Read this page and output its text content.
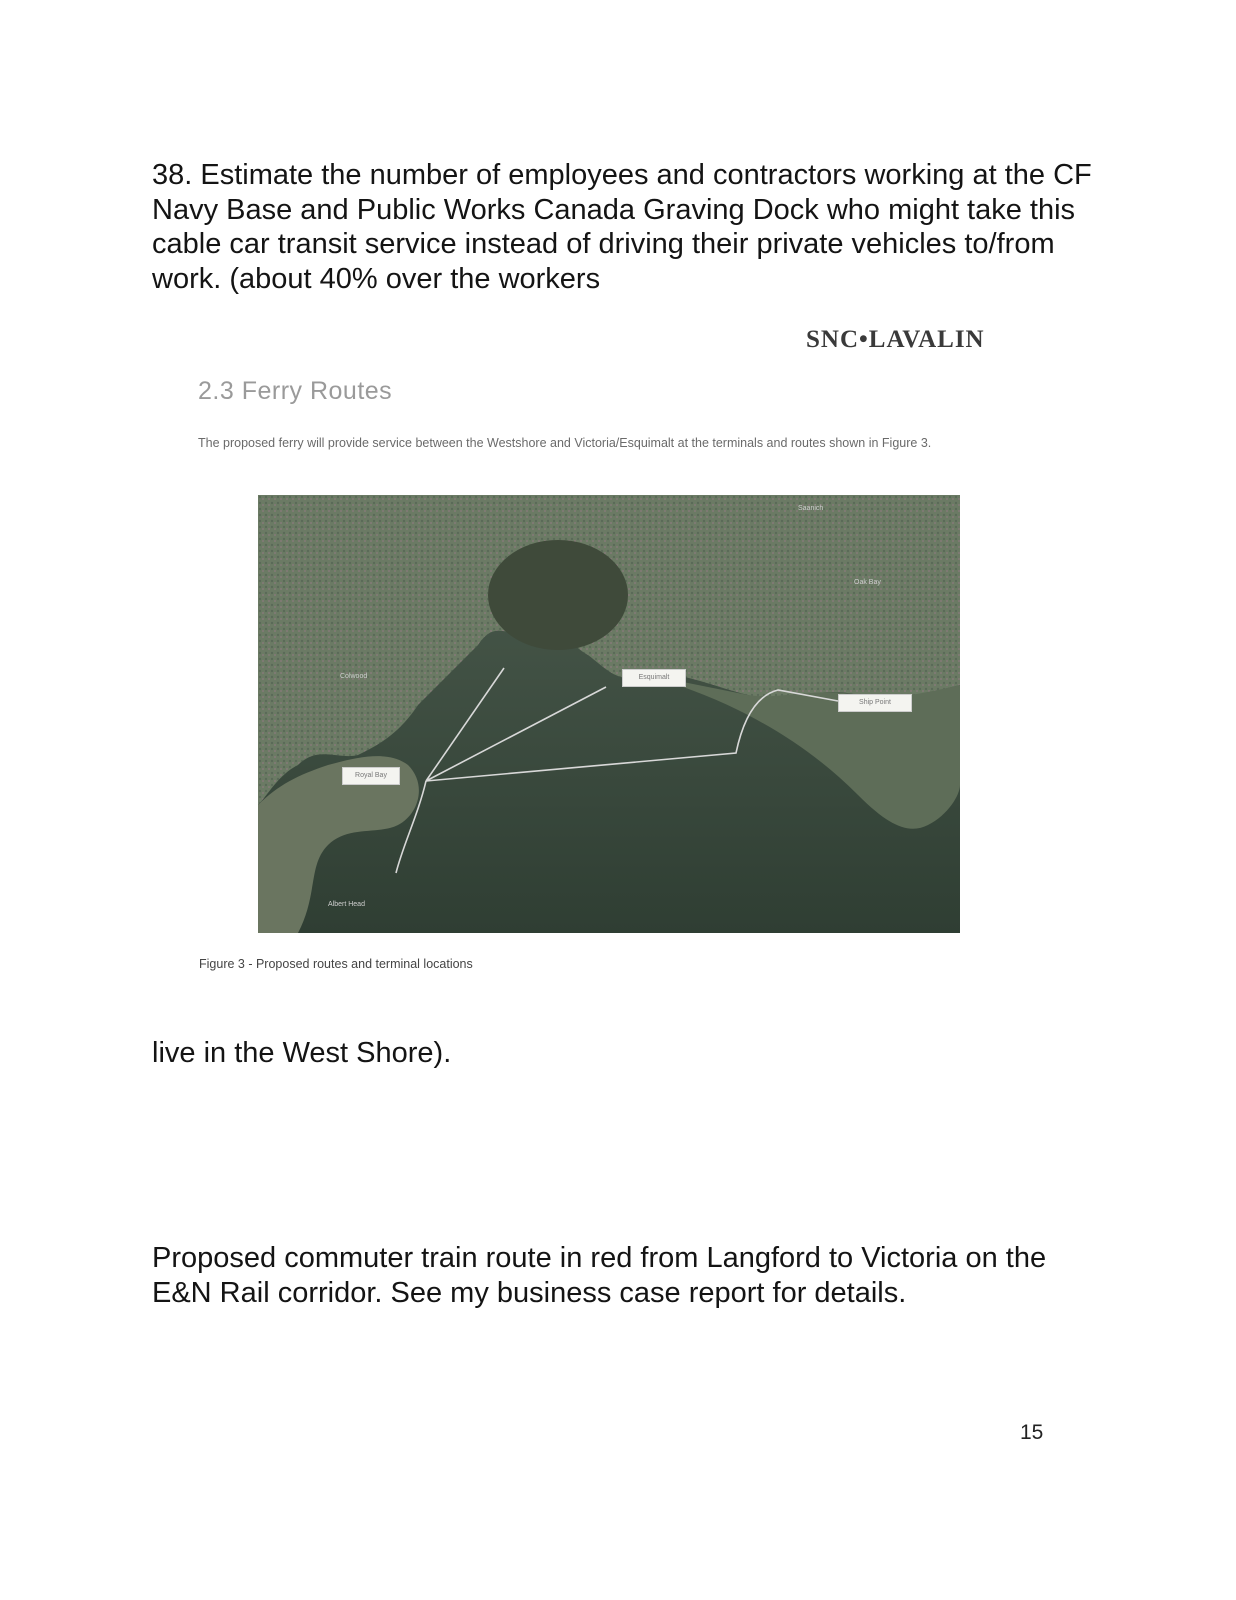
38. Estimate the number of employees and contractors working at the CF Navy Base and Public Works Canada Graving Dock who might take this cable car transit service instead of driving their private vehicles to/from work. (about 40% over the workers

SNC•LAVALIN
2.3 Ferry Routes
The proposed ferry will provide service between the Westshore and Victoria/Esquimalt at the terminals and routes shown in Figure 3.
Royal Bay
Esquimalt
Ship Point
Colwood
Albert Head
Saanich
Oak Bay
Figure 3 - Proposed routes and terminal locations

live in the West Shore).

Proposed commuter train route in red from Langford to Victoria on the E&N Rail corridor. See my business case report for details.

15
